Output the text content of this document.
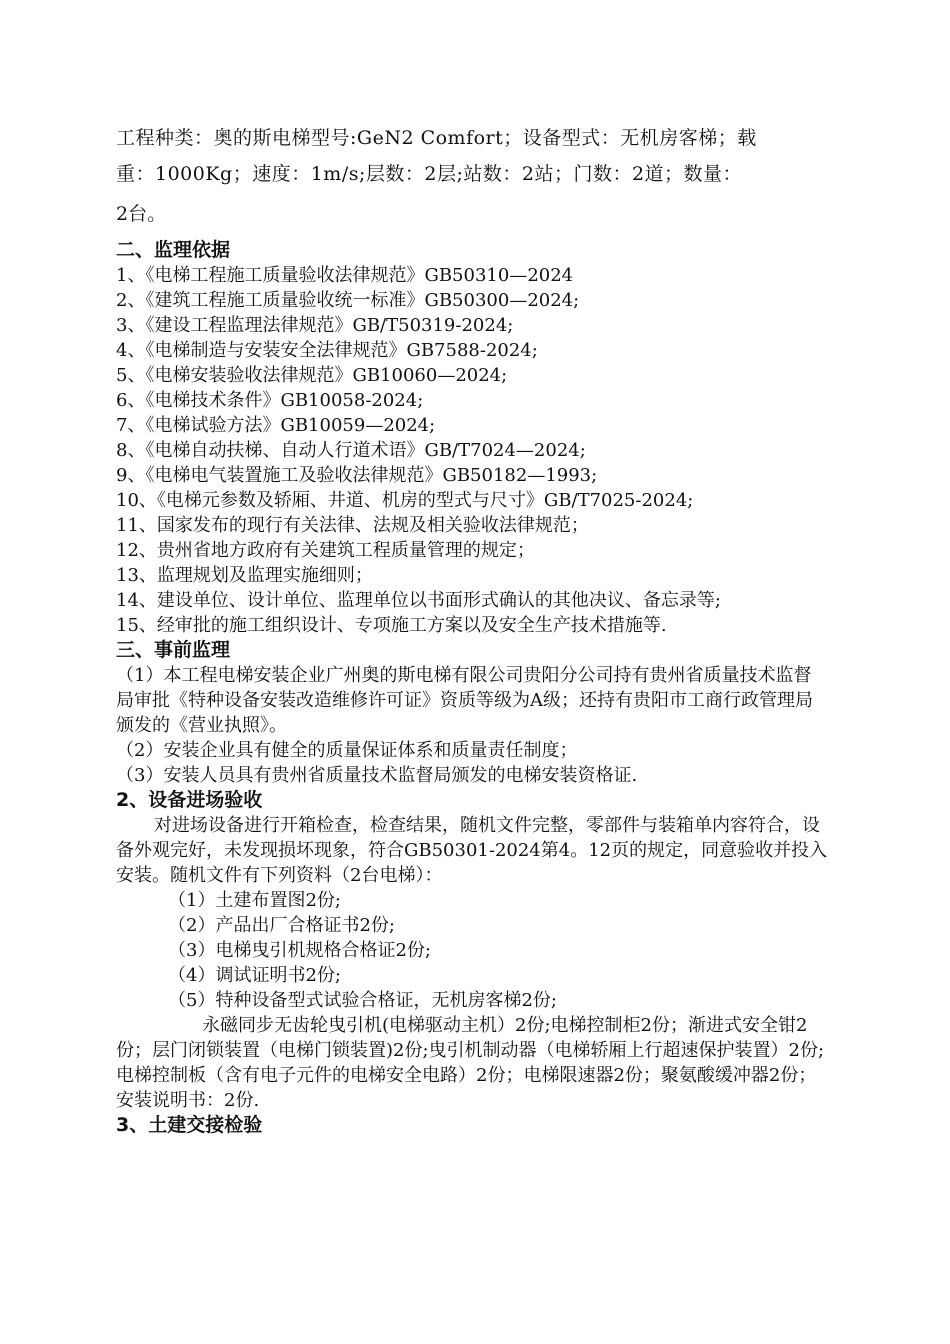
工程种类：奥的斯电梯型号:GeN2 Comfort；设备型式：无机房客梯；载

重：1000Kg；速度：1m/s;层数：2层;站数：2站；门数：2道；数量：

2台。

二、监理依据

1、《电梯工程施工质量验收法律规范》GB50310—2024

2、《建筑工程施工质量验收统一标准》GB50300—2024;

3、《建设工程监理法律规范》GB/T50319-2024;

4、《电梯制造与安装安全法律规范》GB7588-2024;

5、《电梯安装验收法律规范》GB10060—2024;

6、《电梯技术条件》GB10058-2024;

7、《电梯试验方法》GB10059—2024;

8、《电梯自动扶梯、自动人行道术语》GB/T7024—2024;

9、《电梯电气装置施工及验收法律规范》GB50182—1993;

10、《电梯元参数及轿厢、井道、机房的型式与尺寸》GB/T7025-2024;

11、国家发布的现行有关法律、法规及相关验收法律规范；

12、贵州省地方政府有关建筑工程质量管理的规定；

13、监理规划及监理实施细则；

14、建设单位、设计单位、监理单位以书面形式确认的其他决议、备忘录等;

15、经审批的施工组织设计、专项施工方案以及安全生产技术措施等.

三、事前监理

（1）本工程电梯安装企业广州奥的斯电梯有限公司贵阳分公司持有贵州省质量技术监督局审批《特种设备安装改造维修许可证》资质等级为A级；还持有贵阳市工商行政管理局颁发的《营业执照》。

（2）安装企业具有健全的质量保证体系和质量责任制度；

（3）安装人员具有贵州省质量技术监督局颁发的电梯安装资格证.

2、设备进场验收

对进场设备进行开箱检查，检查结果，随机文件完整，零部件与装箱单内容符合，设备外观完好，未发现损坏现象，符合GB50301-2024第4。12页的规定，同意验收并投入安装。随机文件有下列资料（2台电梯）：

（1）土建布置图2份;

（2）产品出厂合格证书2份;

（3）电梯曳引机规格合格证2份;

（4）调试证明书2份;

（5）特种设备型式试验合格证，无机房客梯2份;

永磁同步无齿轮曳引机(电梯驱动主机）2份;电梯控制柜2份；渐进式安全钳2份；层门闭锁装置（电梯门锁装置)2份;曳引机制动器（电梯轿厢上行超速保护装置）2份;电梯控制板（含有电子元件的电梯安全电路）2份；电梯限速器2份；聚氨酸缓冲器2份；安装说明书：2份.

3、土建交接检验
